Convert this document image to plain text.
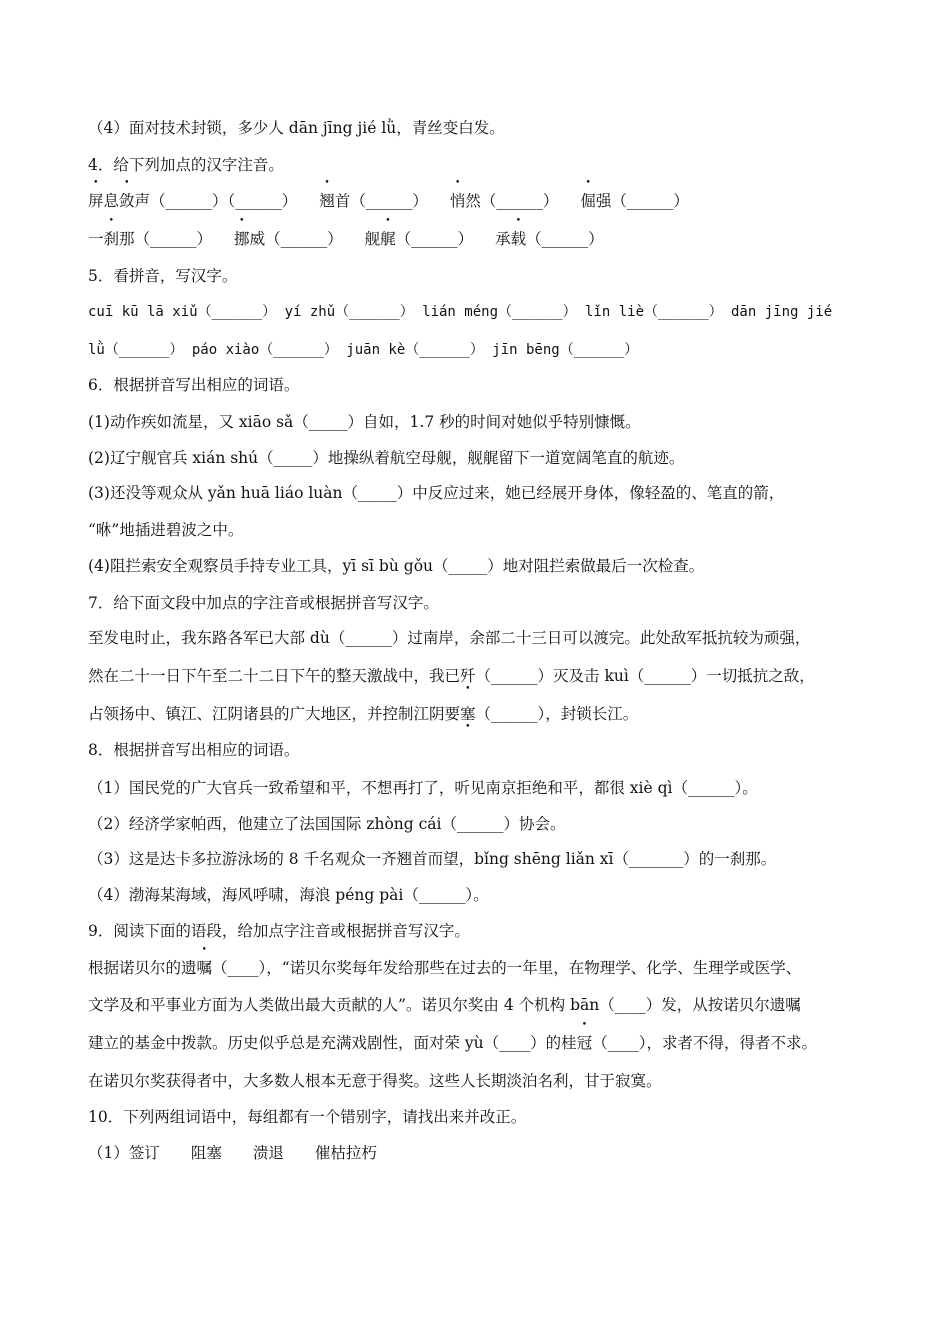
（4）面对技术封锁，多少人 dān jīng jié lǜ，青丝变白发。
4．给下列加点的汉字注音。
屏息敛声（______）（______） 翘首（______） 悄然（______） 倔强（______）
一刹那（______） 挪威（______） 舰艉（______） 承载（______）
5．看拼音，写汉字。
cuī kū lā xiǔ（______） yí zhǔ（______） lián méng（______） lǐn liè（______） dān jīng jié
lǜ（______） páo xiào（______） juān kè（______） jīn bēng（______）
6．根据拼音写出相应的词语。
(1)动作疾如流星，又 xiāo sǎ（_____）自如，1.7 秒的时间对她似乎特别慷慨。
(2)辽宁舰官兵 xián shú（_____）地操纵着航空母舰，舰艉留下一道宽阔笔直的航迹。
(3)还没等观众从 yǎn huā liáo luàn（_____）中反应过来，她已经展开身体，像轻盈的、笔直的箭，
“咻”地插进碧波之中。
(4)阻拦索安全观察员手持专业工具，yī sī bù gǒu（_____）地对阻拦索做最后一次检查。
7．给下面文段中加点的字注音或根据拼音写汉字。
至发电时止，我东路各军已大部 dù（______）过南岸，余部二十三日可以渡完。此处敌军抵抗较为顽强，
然在二十一日下午至二十二日下午的整天激战中，我已歼（______）灭及击 kuì（______）一切抵抗之敌，
占领扬中、镇江、江阴诸县的广大地区，并控制江阴要塞（______），封锁长江。
8．根据拼音写出相应的词语。
（1）国民党的广大官兵一致希望和平，不想再打了，听见南京拒绝和平，都很 xiè qì（______）。
（2）经济学家帕西，他建立了法国国际 zhòng cái（______）协会。
（3）这是达卡多拉游泳场的 8 千名观众一齐翘首而望，bǐng shēng liǎn xī（_______）的一刹那。
（4）渤海某海域，海风呼啸，海浪 péng pài（______）。
9．阅读下面的语段，给加点字注音或根据拼音写汉字。
根据诺贝尔的遗嘱（____），“诺贝尔奖每年发给那些在过去的一年里，在物理学、化学、生理学或医学、
文学及和平事业方面为人类做出最大贡献的人”。诺贝尔奖由 4 个机构 bān（____）发，从按诺贝尔遗嘱
建立的基金中拨款。历史似乎总是充满戏剧性，面对荣 yù（____）的桂冠（____），求者不得，得者不求。
在诺贝尔奖获得者中，大多数人根本无意于得奖。这些人长期淡泊名利，甘于寂寞。
10．下列两组词语中，每组都有一个错别字，请找出来并改正。
（1）签订　　阻塞　　溃退　　催枯拉朽
